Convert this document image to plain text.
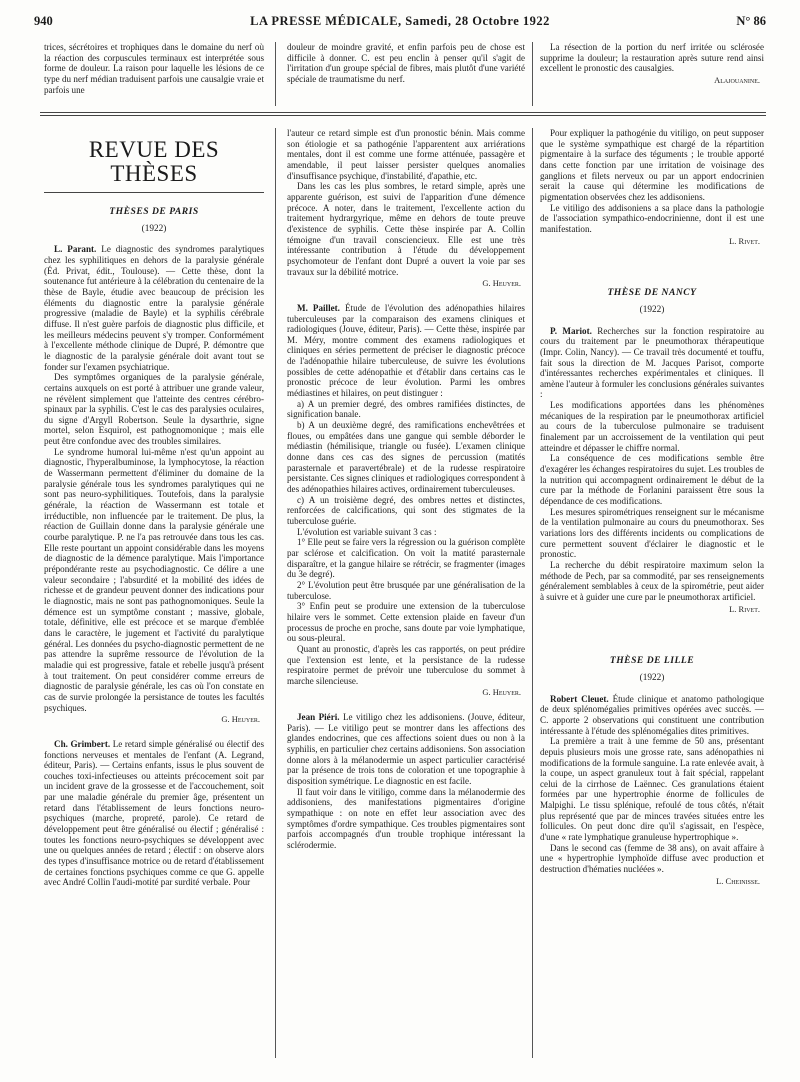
940	LA PRESSE MÉDICALE, Samedi, 28 Octobre 1922	N° 86

trices, sécrétoires et trophiques dans le domaine du nerf où la réaction des corpuscules terminaux est interprétée sous forme de douleur. La raison pour laquelle les lésions de ce type du nerf médian traduisent parfois une causalgie vraie et parfois une

douleur de moindre gravité, et enfin parfois peu de chose est difficile à donner. C. est peu enclin à penser qu'il s'agit de l'irritation d'un groupe spécial de fibres, mais plutôt d'une variété spéciale de traumatisme du nerf.

La résection de la portion du nerf irritée ou sclérosée supprime la douleur; la restauration après suture rend ainsi excellent le pronostic des causalgies.

Alajouanine.
REVUE DES THÈSES
THÈSES DE PARIS
(1922)

L. Parant. Le diagnostic des syndromes paralytiques chez les syphilitiques en dehors de la paralysie générale (Éd. Privat, édit., Toulouse). — Cette thèse, dont la soutenance fut antérieure à la célébration du centenaire de la thèse de Bayle, étudie avec beaucoup de précision les éléments du diagnostic entre la paralysie générale progressive (maladie de Bayle) et la syphilis cérébrale diffuse. Il n'est guère parfois de diagnostic plus difficile, et les meilleurs médecins peuvent s'y tromper. Conformément à l'excellente méthode clinique de Dupré, P. démontre que le diagnostic de la paralysie générale doit avant tout se fonder sur l'examen psychiatrique.

Des symptômes organiques de la paralysie générale, certains auxquels on est porté à attribuer une grande valeur, ne révèlent simplement que l'atteinte des centres cérébro-spinaux par la syphilis. C'est le cas des paralysies oculaires, du signe d'Argyll Robertson. Seule la dysarthrie, signe mortel, selon Esquirol, est pathognomonique ; mais elle peut être confondue avec des troubles similaires.

Le syndrome humoral lui-même n'est qu'un appoint au diagnostic, l'hyperalbuminose, la lymphocytose, la réaction de Wassermann permettent d'éliminer du domaine de la paralysie générale tous les syndromes paralytiques qui ne sont pas neuro-syphilitiques. Toutefois, dans la paralysie générale, la réaction de Wassermann est totale et irréductible, non influencée par le traitement. De plus, la réaction de Guillain donne dans la paralysie générale une courbe paralytique. P. ne l'a pas retrouvée dans tous les cas. Elle reste pourtant un appoint considérable dans les moyens de diagnostic de la démence paralytique. Mais l'importance prépondérante reste au psychodiagnostic. Ce délire a une valeur secondaire ; l'absurdité et la mobilité des idées de richesse et de grandeur peuvent donner des indications pour le diagnostic, mais ne sont pas pathognomoniques. Seule la démence est un symptôme constant ; massive, globale, totale, définitive, elle est précoce et se marque d'emblée dans le caractère, le jugement et l'activité du paralytique général. Les données du psycho-diagnostic permettent de ne pas attendre la suprême ressource de l'évolution de la maladie qui est progressive, fatale et rebelle jusqu'à présent à tout traitement. On peut considérer comme erreurs de diagnostic de paralysie générale, les cas où l'on constate en cas de survie prolongée la persistance de toutes les facultés psychiques.

G. Heuyer.

Ch. Grimbert. Le retard simple généralisé ou électif des fonctions nerveuses et mentales de l'enfant (A. Legrand, éditeur, Paris). — Certains enfants, issus le plus souvent de couches toxi-infectieuses ou atteints précocement soit par un incident grave de la grossesse et de l'accouchement, soit par une maladie générale du premier âge, présentent un retard dans l'établissement de leurs fonctions neuro-psychiques (marche, propreté, parole). Ce retard de développement peut être généralisé ou électif ; généralisé : toutes les fonctions neuro-psychiques se développent avec une ou quelques années de retard ; électif : on observe alors des types d'insuffisance motrice ou de retard d'établissement de certaines fonctions psychiques comme ce que G. appelle avec André Collin l'audi-motité par surdité verbale. Pour

l'auteur ce retard simple est d'un pronostic bénin. Mais comme son étiologie et sa pathogénie l'apparentent aux arriérations mentales, dont il est comme une forme atténuée, passagère et amendable, il peut laisser persister quelques anomalies d'insuffisance psychique, d'instabilité, d'apathie, etc.

Dans les cas les plus sombres, le retard simple, après une apparente guérison, est suivi de l'apparition d'une démence précoce. A noter, dans le traitement, l'excellente action du traitement hydrargyrique, même en dehors de toute preuve d'existence de syphilis. Cette thèse inspirée par A. Collin témoigne d'un travail consciencieux. Elle est une très intéressante contribution à l'étude du développement psychomoteur de l'enfant dont Dupré a ouvert la voie par ses travaux sur la débilité motrice.

G. Heuyer.

M. Paillet. Étude de l'évolution des adénopathies hilaires tuberculeuses par la comparaison des examens cliniques et radiologiques (Jouve, éditeur, Paris). — Cette thèse, inspirée par M. Méry, montre comment des examens radiologiques et cliniques en séries permettent de préciser le diagnostic précoce de l'adénopathie hilaire tuberculeuse, de suivre les évolutions possibles de cette adénopathie et d'établir dans certains cas le pronostic précoce de leur évolution. Parmi les ombres médiastines et hilaires, on peut distinguer :

a) A un premier degré, des ombres ramifiées distinctes, de signification banale.

b) A un deuxième degré, des ramifications enchevêtrées et floues, ou empâtées dans une gangue qui semble déborder le médiastin (hémilisique, triangle ou fusée). L'examen clinique donne dans ces cas des signes de percussion (matités parasternale et paravertébrale) et de la rudesse respiratoire persistante. Ces signes cliniques et radiologiques correspondent à des adénopathies hilaires actives, ordinairement tuberculeuses.

c) A un troisième degré, des ombres nettes et distinctes, renforcées de calcifications, qui sont des stigmates de la tuberculose guérie.

L'évolution est variable suivant 3 cas :

1° Elle peut se faire vers la régression ou la guérison complète par sclérose et calcification. On voit la matité parasternale disparaître, et la gangue hilaire se rétrécir, se fragmenter (images du 3e degré).

2° L'évolution peut être brusquée par une généralisation de la tuberculose.

3° Enfin peut se produire une extension de la tuberculose hilaire vers le sommet. Cette extension plaide en faveur d'un processus de proche en proche, sans doute par voie lymphatique, ou sous-pleural.

Quant au pronostic, d'après les cas rapportés, on peut prédire que l'extension est lente, et la persistance de la rudesse respiratoire permet de prévoir une tuberculose du sommet à marche silencieuse.

G. Heuyer.

Jean Piéri. Le vitiligo chez les addisoniens. (Jouve, éditeur, Paris). — Le vitiligo peut se montrer dans les affections des glandes endocrines, que ces affections soient dues ou non à la syphilis, en particulier chez certains addisoniens. Son association donne alors à la mélanodermie un aspect particulier caractérisé par la présence de trois tons de coloration et une topographie à disposition symétrique. Le diagnostic en est facile.

Il faut voir dans le vitiligo, comme dans la mélanodermie des addisoniens, des manifestations pigmentaires d'origine sympathique : on note en effet leur association avec des symptômes d'ordre sympathique. Ces troubles pigmentaires sont parfois accompagnés d'un trouble trophique intéressant la sclérodermie.

Pour expliquer la pathogénie du vitiligo, on peut supposer que le système sympathique est chargé de la répartition pigmentaire à la surface des téguments ; le trouble apporté dans cette fonction par une irritation de voisinage des ganglions et filets nerveux ou par un apport endocrinien serait la cause qui détermine les modifications de pigmentation observées chez les addisoniens.

Le vitiligo des addisoniens a sa place dans la pathologie de l'association sympathico-endocrinienne, dont il est une manifestation.

L. Rivet.
THÈSE DE NANCY
(1922)

P. Mariot. Recherches sur la fonction respiratoire au cours du traitement par le pneumothorax thérapeutique (Impr. Colin, Nancy). — Ce travail très documenté et touffu, fait sous la direction de M. Jacques Parisot, comporte d'intéressantes recherches expérimentales et cliniques. Il amène l'auteur à formuler les conclusions générales suivantes :

Les modifications apportées dans les phénomènes mécaniques de la respiration par le pneumothorax artificiel au cours de la tuberculose pulmonaire se traduisent finalement par un accroissement de la ventilation qui peut atteindre et dépasser le chiffre normal.

La conséquence de ces modifications semble être d'exagérer les échanges respiratoires du sujet. Les troubles de la nutrition qui accompagnent ordinairement le début de la cure par la méthode de Forlanini paraissent être sous la dépendance de ces modifications.

Les mesures spirométriques renseignent sur le mécanisme de la ventilation pulmonaire au cours du pneumothorax. Ses variations lors des différents incidents ou complications de cure permettent souvent d'éclairer le diagnostic et le pronostic.

La recherche du débit respiratoire maximum selon la méthode de Pech, par sa commodité, par ses renseignements généralement semblables à ceux de la spirométrie, peut aider à suivre et à guider une cure par le pneumothorax artificiel.

L. Rivet.
THÈSE DE LILLE
(1922)

Robert Cleuet. Étude clinique et anatomo pathologique de deux splénomégalies primitives opérées avec succès. — C. apporte 2 observations qui constituent une contribution intéressante à l'étude des splénomégalies dites primitives.

La première a trait à une femme de 50 ans, présentant depuis plusieurs mois une grosse rate, sans adénopathies ni modifications de la formule sanguine. La rate enlevée avait, à la coupe, un aspect granuleux tout à fait spécial, rappelant celui de la cirrhose de Laënnec. Ces granulations étaient formées par une hypertrophie énorme de follicules de Malpighi. Le tissu splénique, refoulé de tous côtés, n'était plus représenté que par de minces travées situées entre les follicules. On peut donc dire qu'il s'agissait, en l'espèce, d'une « rate lymphatique granuleuse hypertrophique ».

Dans le second cas (femme de 38 ans), on avait affaire à une « hypertrophie lymphoïde diffuse avec production et destruction d'hématies nucléées ».

L. Cheinisse.
